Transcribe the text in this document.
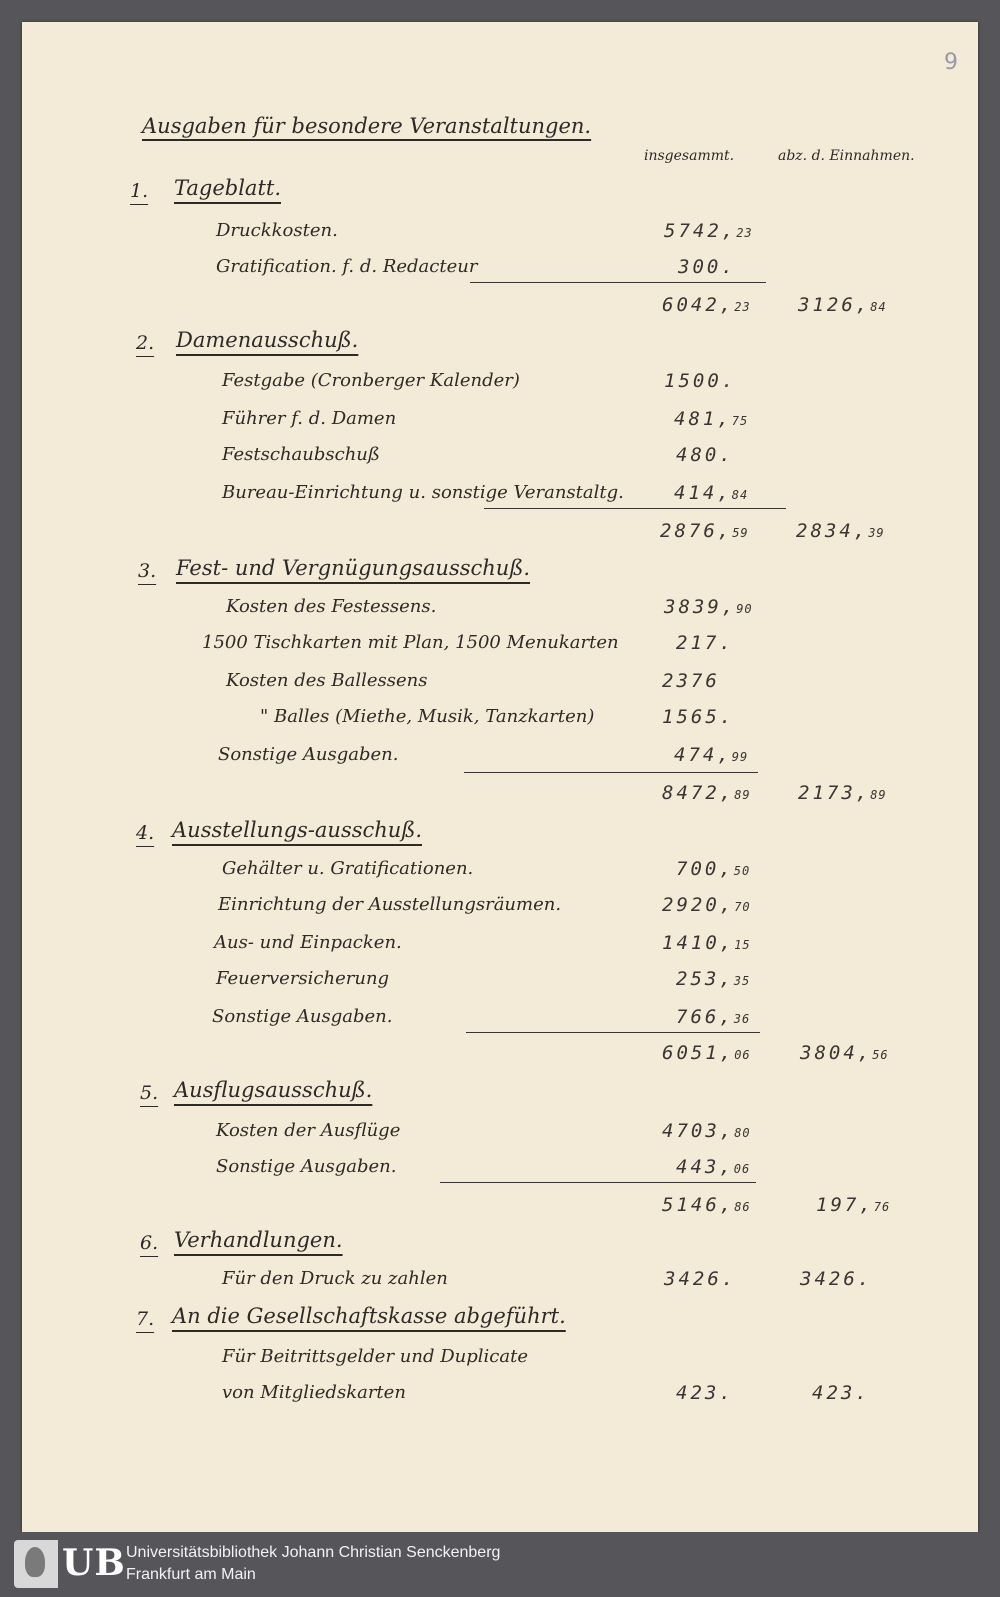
9
Ausgaben für besondere Veranstaltungen.
insgesammt.	abz. d. Einnahmen.
1. Tageblatt.
Druckkosten.	5742,23
Gratification. f. d. Redacteur	300.
6042,23 3126,84
2. Damenausschuß.
Festgabe (Cronberger Kalender)	1500.
Führer f. d. Damen	481,75
Festschaubschuß	480.
Bureau-Einrichtung u. sonstige Veranstaltg.	414,84
2876,59 2834,39
3. Fest- und Vergnügungsausschuß.
Kosten des Festessens.	3839,90
1500 Tischkarten mit Plan, 1500 Menukarten	217.
Kosten des Ballessens	2376
" Balles (Miethe, Musik, Tanzkarten)	1565.
Sonstige Ausgaben.	474,99
8472,89 2173,89
4. Ausstellungs-ausschuß.
Gehälter u. Gratificationen.	700,50
Einrichtung der Ausstellungsräumen.	2920,70
Aus- und Einpacken.	1410,15
Feuerversicherung	253,35
Sonstige Ausgaben.	766,36
6051,06	3804,56
5. Ausflugsausschuß.
Kosten der Ausflüge	4703,80
Sonstige Ausgaben.	443,06
5146,86	197,76
6. Verhandlungen.
Für den Druck zu zahlen	3426.	3426.
7. An die Gesellschaftskasse abgeführt.
Für Beitrittsgelder und Duplicate
von Mitgliedskarten	423.	423.
UB Universitätsbibliothek Johann Christian Senckenberg
Frankfurt am Main
